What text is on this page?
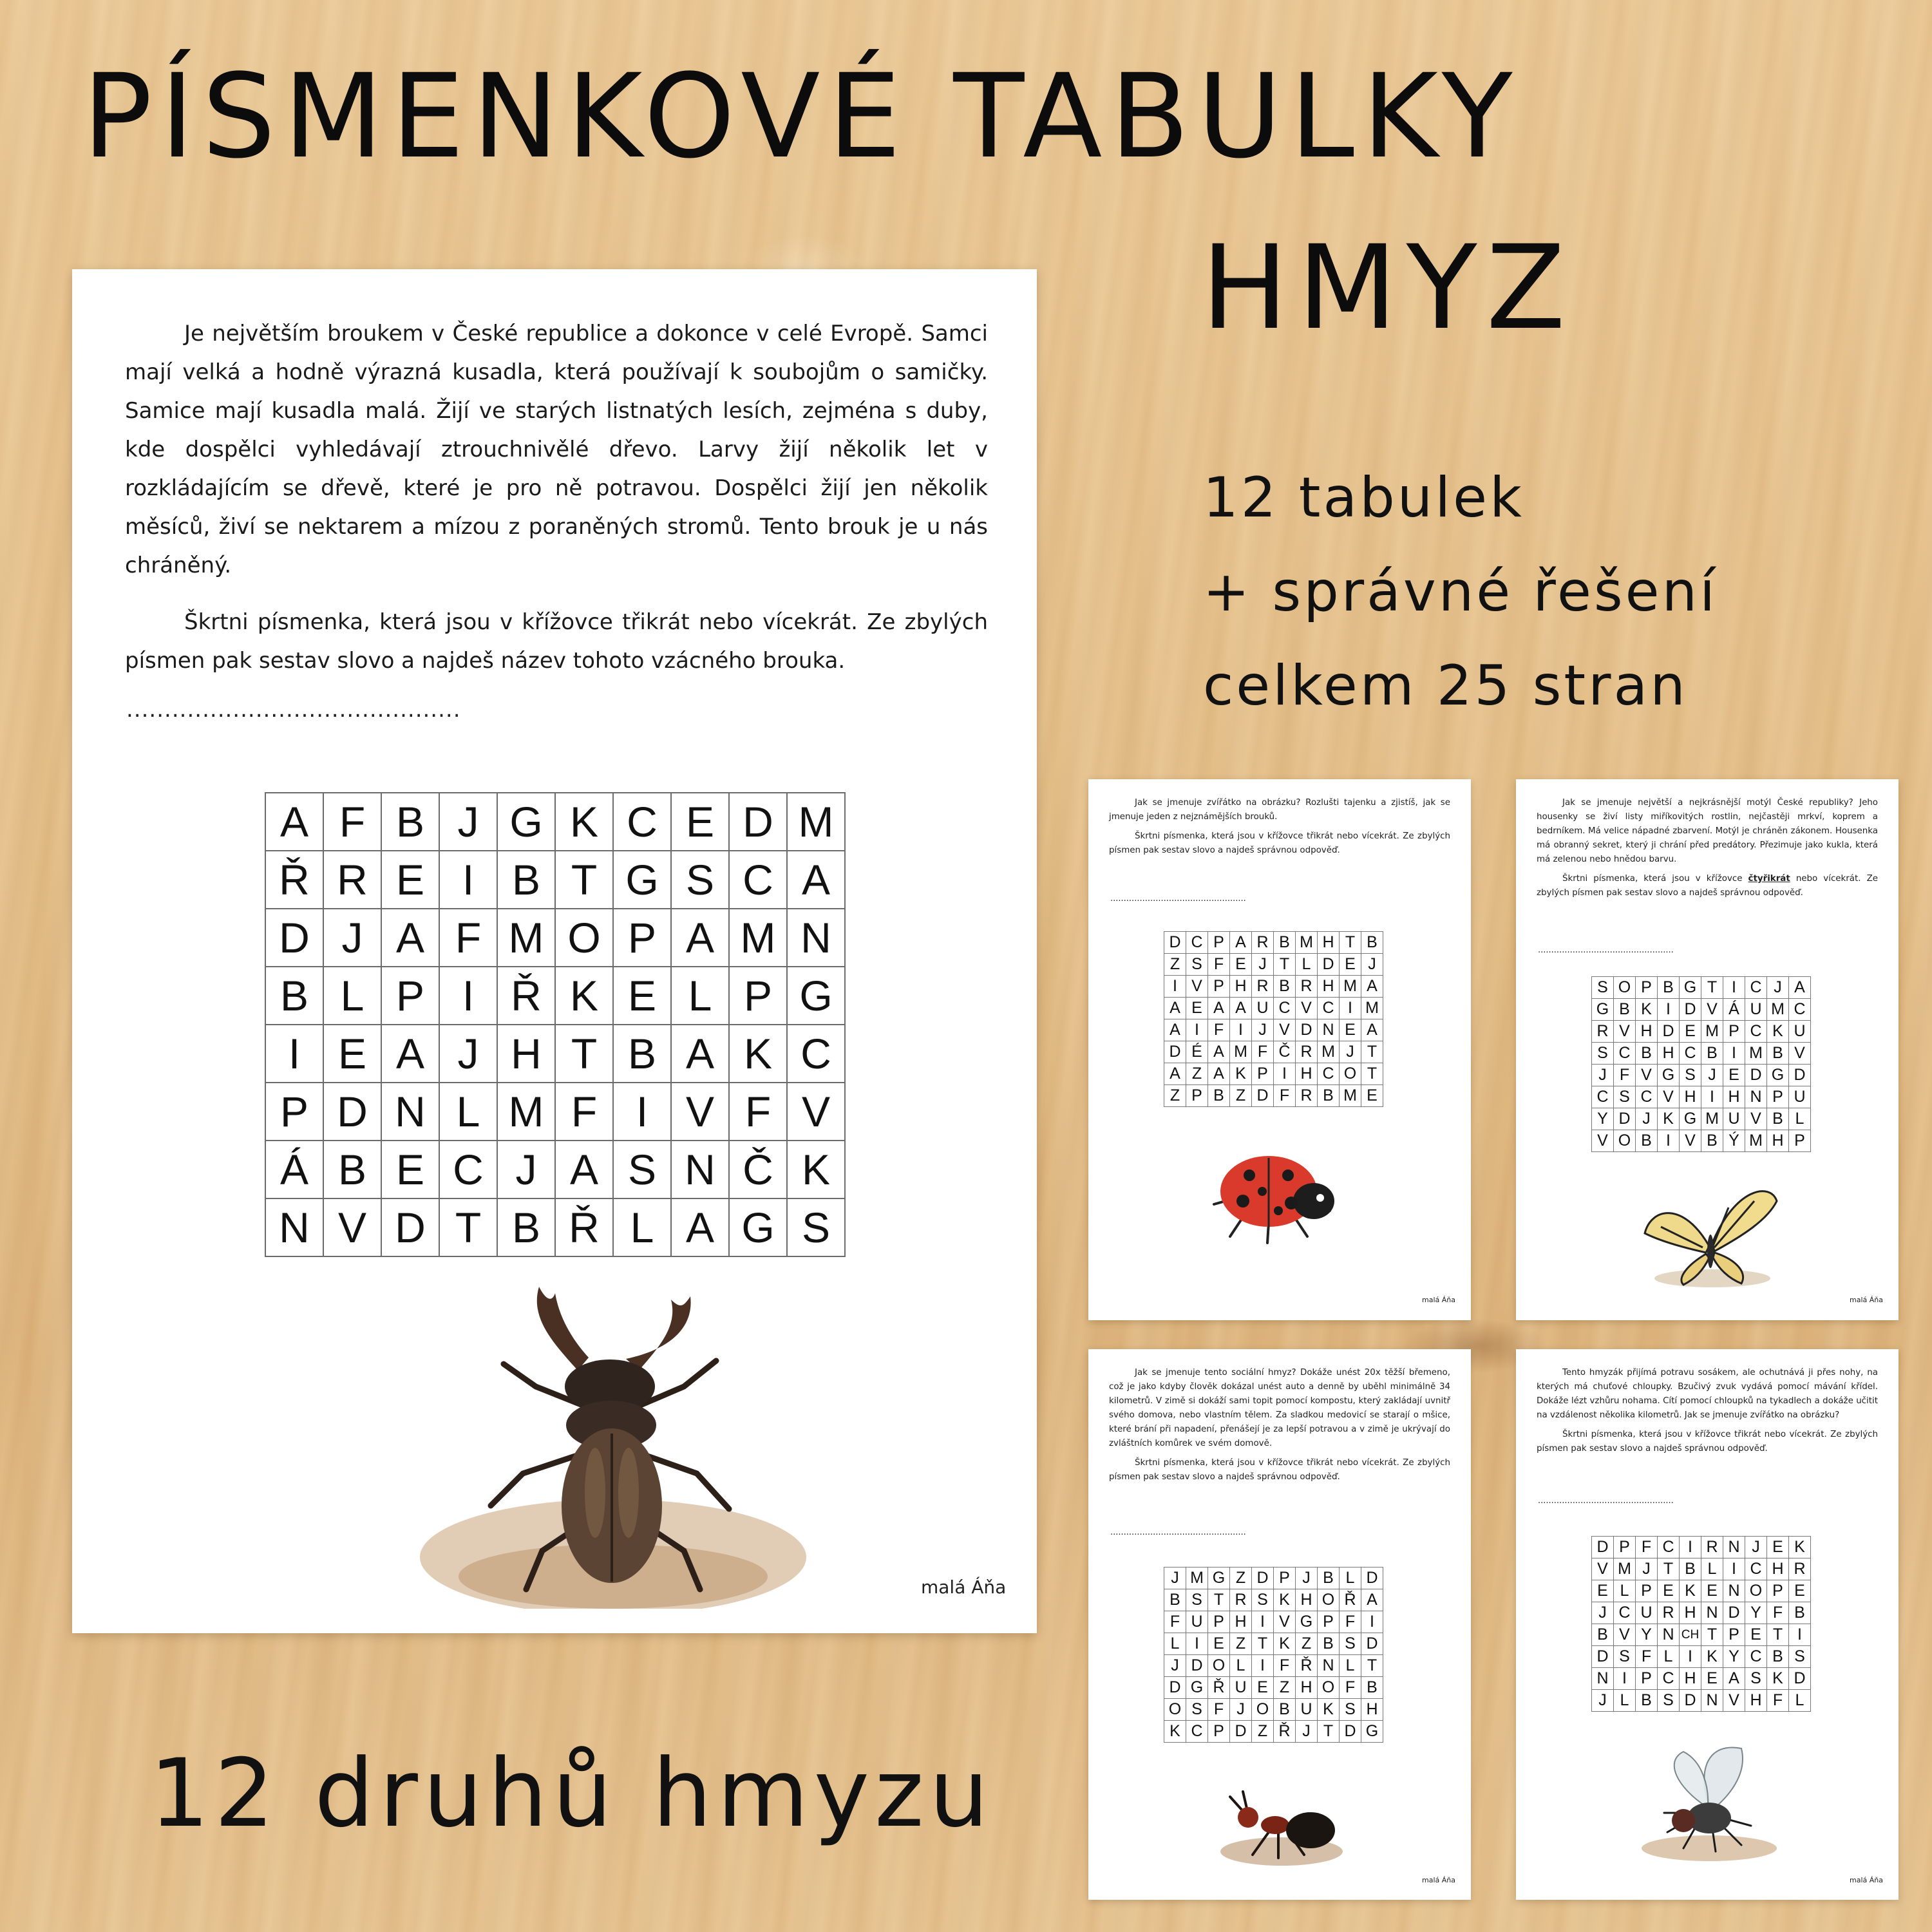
PÍSMENKOVÉ TABULKY
HMYZ
12 tabulek
+ správné řešení
celkem 25 stran

Je největším broukem v České republice a dokonce v celé Evropě. Samci mají velká a hodně výrazná kusadla, která používají k soubojům o samičky. Samice mají kusadla malá. Žijí ve starých listnatých lesích, zejména s duby, kde dospělci vyhledávají ztrouchnivělé dřevo. Larvy žijí několik let v rozkládajícím se dřevě, které je pro ně potravou. Dospělci žijí jen několik měsíců, živí se nektarem a mízou z poraněných stromů. Tento brouk je u nás chráněný.

Škrtni písmenka, která jsou v křížovce třikrát nebo vícekrát. Ze zbylých písmen pak sestav slovo a najdeš název tohoto vzácného brouka.

............................................
A	F	B	J	G	K	C	E	D	M
Ř	R	E	I	B	T	G	S	C	A
D	J	A	F	M	O	P	A	M	N
B	L	P	I	Ř	K	E	L	P	G
I	E	A	J	H	T	B	A	K	C
P	D	N	L	M	F	I	V	F	V
Á	B	E	C	J	A	S	N	Č	K
N	V	D	T	B	Ř	L	A	G	S
malá Áňa

Jak se jmenuje zvířátko na obrázku? Rozlušti tajenku a zjistíš, jak se jmenuje jeden z nejznámějších brouků.

Škrtni písmenka, která jsou v křížovce třikrát nebo vícekrát. Ze zbylých písmen pak sestav slovo a najdeš správnou odpověď.

...................................................
D	C	P	A	R	B	M	H	T	B
Z	S	F	E	J	T	L	D	E	J
I	V	P	H	R	B	R	H	M	A
A	E	A	A	U	C	V	C	I	M
A	I	F	I	J	V	D	N	E	A
D	É	A	M	F	Č	R	M	J	T
A	Z	A	K	P	I	H	C	O	T
Z	P	B	Z	D	F	R	B	M	E
malá Áňa

Jak se jmenuje největší a nejkrásnější motýl České republiky? Jeho housenky se živí listy miříkovitých rostlin, nejčastěji mrkví, koprem a bedrníkem. Má velice nápadné zbarvení. Motýl je chráněn zákonem. Housenka má obranný sekret, který ji chrání před predátory. Přezimuje jako kukla, která má zelenou nebo hnědou barvu.

Škrtni písmenka, která jsou v křížovce čtyřikrát nebo vícekrát. Ze zbylých písmen pak sestav slovo a najdeš správnou odpověď.

...................................................
S	O	P	B	G	T	I	C	J	A
G	B	K	I	D	V	Á	U	M	C
R	V	H	D	E	M	P	C	K	U
S	C	B	H	C	B	I	M	B	V
J	F	V	G	S	J	E	D	G	D
C	S	C	V	H	I	H	N	P	U
Y	D	J	K	G	M	U	V	B	L
V	O	B	I	V	B	Ý	M	H	P
malá Áňa

Jak se jmenuje tento sociální hmyz? Dokáže unést 20x těžší břemeno, což je jako kdyby člověk dokázal unést auto a denně by uběhl minimálně 34 kilometrů. V zimě si dokáží sami topit pomocí kompostu, který zakládají uvnitř svého domova, nebo vlastním tělem. Za sladkou medovicí se starají o mšice, které brání při napadení, přenášejí je za lepší potravou a v zimě je ukrývají do zvláštních komůrek ve svém domově.

Škrtni písmenka, která jsou v křížovce třikrát nebo vícekrát. Ze zbylých písmen pak sestav slovo a najdeš správnou odpověď.

...................................................
J	M	G	Z	D	P	J	B	L	D
B	S	T	R	S	K	H	O	Ř	A
F	U	P	H	I	V	G	P	F	I
L	I	E	Z	T	K	Z	B	S	D
J	D	O	L	I	F	Ř	N	L	T
D	G	Ř	U	E	Z	H	O	F	B
O	S	F	J	O	B	U	K	S	H
K	C	P	D	Z	Ř	J	T	D	G
malá Áňa

Tento hmyzák přijímá potravu sosákem, ale ochutnává ji přes nohy, na kterých má chuťové chloupky. Bzučivý zvuk vydává pomocí mávání křídel. Dokáže lézt vzhůru nohama. Cítí pomocí chloupků na tykadlech a dokáže učitit na vzdálenost několika kilometrů. Jak se jmenuje zvířátko na obrázku?

Škrtni písmenka, která jsou v křížovce třikrát nebo vícekrát. Ze zbylých písmen pak sestav slovo a najdeš správnou odpověď.

...................................................
D	P	F	C	I	R	N	J	E	K
V	M	J	T	B	L	I	C	H	R
E	L	P	E	K	E	N	O	P	E
J	C	U	R	H	N	D	Y	F	B
B	V	Y	N	CH	T	P	E	T	I
D	S	F	L	I	K	Y	C	B	S
N	I	P	C	H	E	A	S	K	D
J	L	B	S	D	N	V	H	F	L
malá Áňa
12 druhů hmyzu
